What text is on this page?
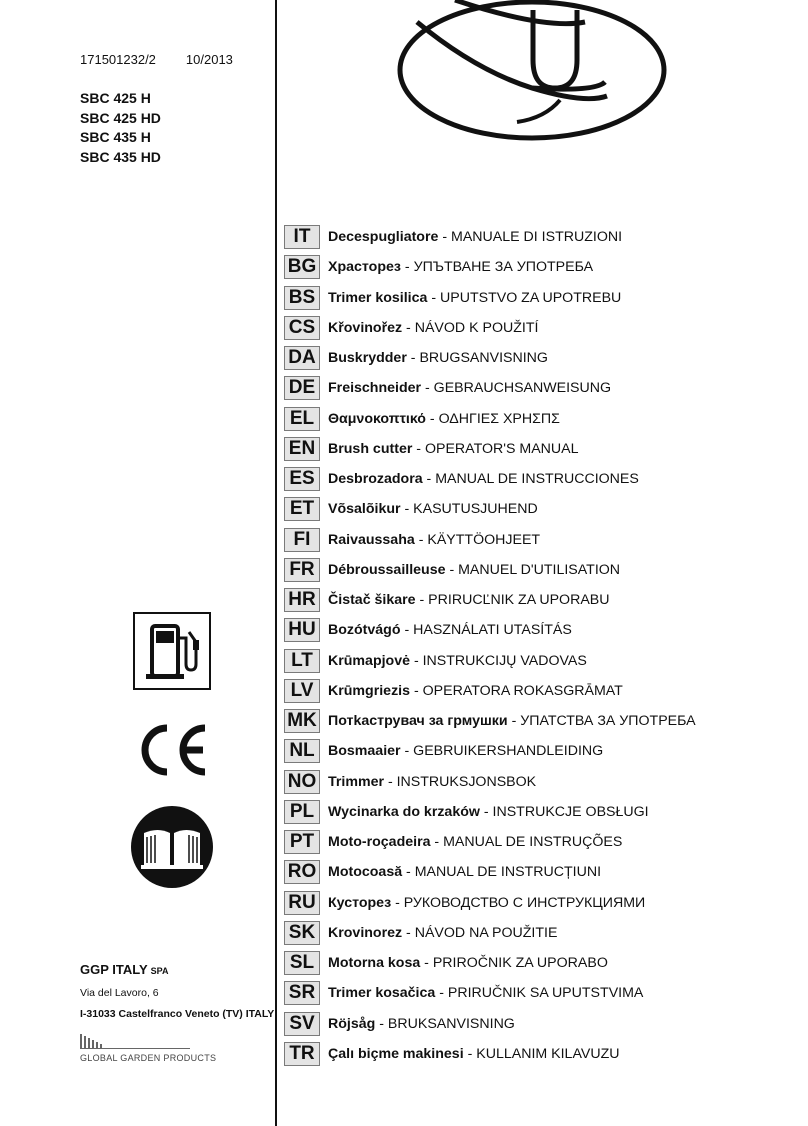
171501232/2 10/2013
SBC 425 H
SBC 425 HD
SBC 435 H
SBC 435 HD
IT	Decespugliatore - MANUALE DI ISTRUZIONI
BG Храсторез - УПЪТВАНЕ ЗА УПОТРЕБА
BS Trimer kosilica - UPUTSTVO ZA UPOTREBU
CS Křovinořez - NÁVOD K POUŽITÍ
DA Buskrydder - BRUGSANVISNING
DE Freischneider - GEBRAUCHSANWEISUNG
EL Θαμνοκοπτικό - ΟΔΗΓΙΕΣ ΧΡΗΣΠΣ
EN Brush cutter - OPERATOR'S MANUAL
ES Desbrozadora - MANUAL DE INSTRUCCIONES
ET Võsalõikur - KASUTUSJUHEND
FI	Raivaussaha - KÄYTTÖOHJEET
FR Débroussailleuse - MANUEL D'UTILISATION
HR Čistač šikare - PRIRUCĽNIK ZA UPORABU
HU Bozótvágó - HASZNÁLATI UTASÍTÁS
LT	Krūmapjovė - INSTRUKCIJŲ VADOVAS
LV	Krūmgriezis - OPERATORA ROKASGRĀMAT
MK Потkaструвач за грмушки - УПАТСТВА ЗА УПОТРЕБА
NL Bosmaaier - GEBRUIKERSHANDLEIDING
NO Trimmer - INSTRUKSJONSBOK
PL Wycinarka do krzaków - INSTRUKCJE OBSŁUGI
PT Moto-roçadeira - MANUAL DE INSTRUÇÕES
RO Motocoasă - MANUAL DE INSTRUCȚIUNI
RU Кусторез - РУКОВОДСТВО С ИНСТРУКЦИЯМИ
SK Krovinorez - NÁVOD NA POUŽITIE
SL Motorna kosa - PRIROČNIK ZA UPORABO
SR Trimer kosačica - PRIRUČNIK SA UPUTSTVIMA
SV Röjsåg - BRUKSANVISNING
TR Çalı biçme makinesi - KULLANIM KILAVUZU
GGP ITALY SPA
Via del Lavoro, 6
I-31033 Castelfranco Veneto (TV) ITALY
GLOBAL GARDEN PRODUCTS
